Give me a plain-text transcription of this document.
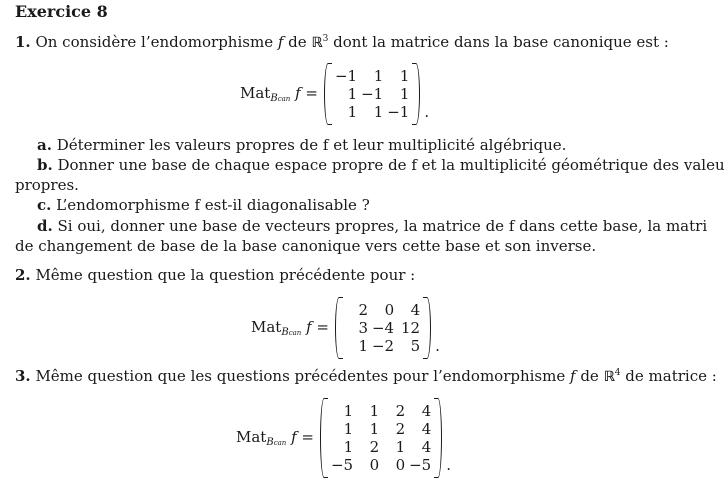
Exercice 8
1. On considère l’endomorphisme f de ℝ$^3$ dont la matrice dans la base canonique est :
Mat$_{Bcan}$ f =
−1	1	1
1 −1	1
1	1 −1 .
a. Déterminer les valeurs propres de f et leur multiplicité algébrique.
b. Donner une base de chaque espace propre de f et la multiplicité géométrique des valeu
propres.
c. L’endomorphisme f est-il diagonalisable ?
d. Si oui, donner une base de vecteurs propres, la matrice de f dans cette base, la matri
de changement de base de la base canonique vers cette base et son inverse.
2. Même question que la question précédente pour :
Mat$_{Bcan}$ f =
2	0	4
3 −4 12
1 −2	5 .
3. Même question que les questions précédentes pour l’endomorphisme f de ℝ$^4$ de matrice :
Mat$_{Bcan}$ f =
1	1	2	4
1	1	2	4
1	2	1	4
−5	0	0 −5 .
